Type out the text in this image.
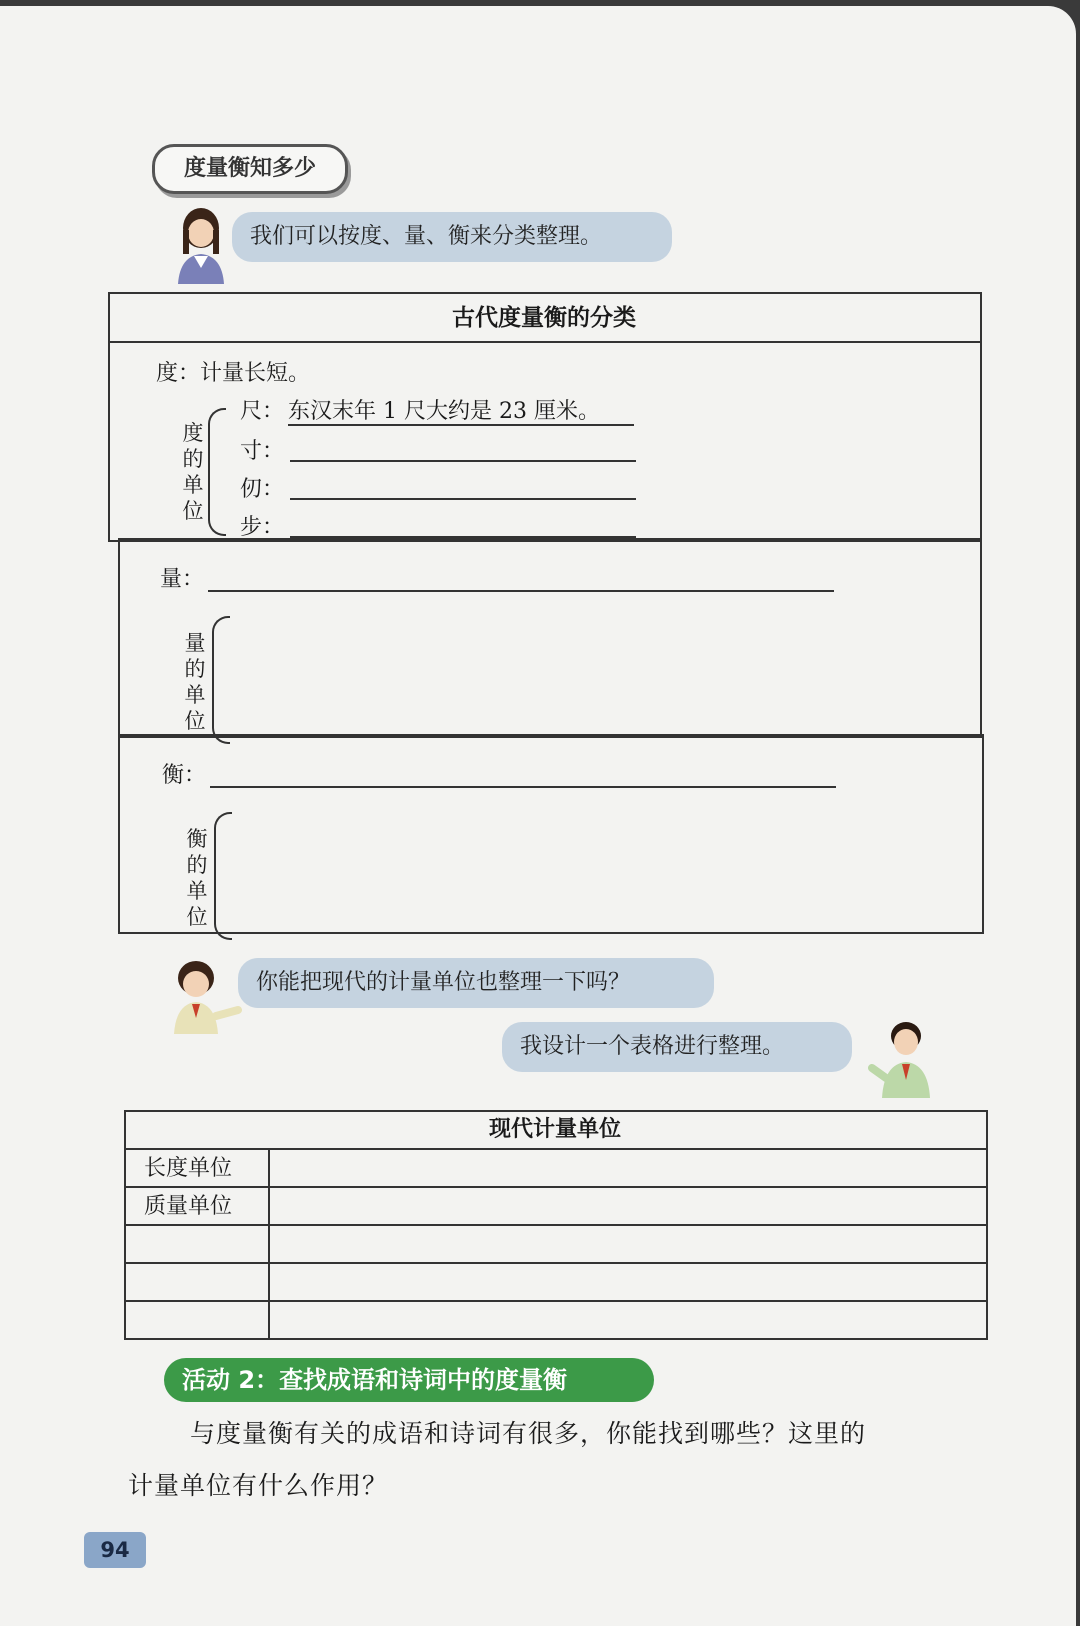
度量衡知多少
我们可以按度、量、衡来分类整理。
古代度量衡的分类
度：计量长短。
度的单位
尺： 东汉末年 1 尺大约是 23 厘米。
寸：
仞：
步：
量：
量的单位
衡：
衡的单位
你能把现代的计量单位也整理一下吗？
我设计一个表格进行整理。
现代计量单位
长度单位
质量单位
活动 2：查找成语和诗词中的度量衡
与度量衡有关的成语和诗词有很多，你能找到哪些？这里的
计量单位有什么作用？
94
